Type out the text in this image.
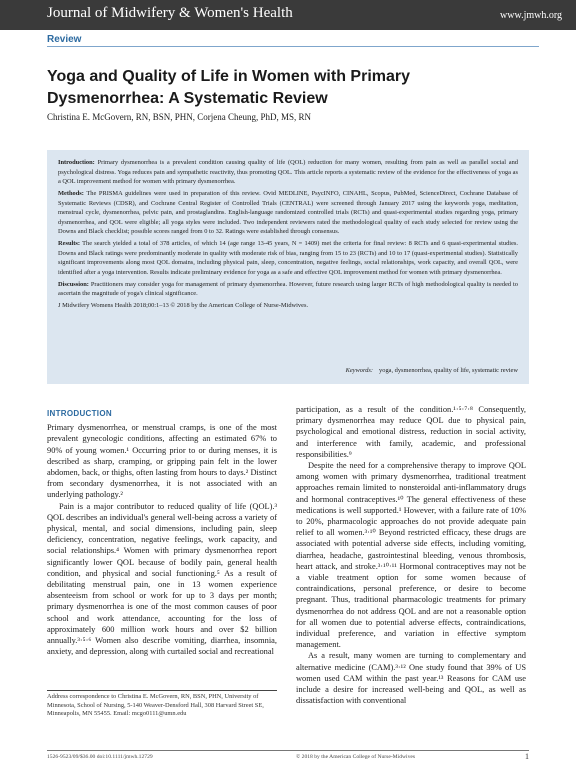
Journal of Midwifery & Women's Health	www.jmwh.org
Review
Yoga and Quality of Life in Women with Primary Dysmenorrhea: A Systematic Review
Christina E. McGovern, RN, BSN, PHN, Corjena Cheung, PhD, MS, RN

Introduction: Primary dysmenorrhea is a prevalent condition causing quality of life (QOL) reduction for many women, resulting from pain as well as parallel social and psychological distress. Yoga reduces pain and sympathetic reactivity, thus promoting QOL. This article reports a systematic review of the evidence for the effectiveness of yoga as a QOL improvement method for women with primary dysmenorrhea.

Methods: The PRISMA guidelines were used in preparation of this review. Ovid MEDLINE, PsycINFO, CINAHL, Scopus, PubMed, ScienceDirect, Cochrane Database of Systematic Reviews (CDSR), and Cochrane Central Register of Controlled Trials (CENTRAL) were screened through January 2017 using the keywords yoga, meditation, menstrual cycle, dysmenorrhea, pelvic pain, and prostaglandins. English-language randomized controlled trials (RCTs) and quasi-experimental studies regarding yoga, primary dysmenorrhea, and QOL were eligible; all yoga styles were included. Two independent reviewers rated the methodological quality of each study selected for review using the Downs and Black checklist; possible scores ranged from 0 to 32. Ratings were established through consensus.

Results: The search yielded a total of 378 articles, of which 14 (age range 13-45 years, N = 1409) met the criteria for final review: 8 RCTs and 6 quasi-experimental studies. Downs and Black ratings were predominantly moderate in quality with moderate risk of bias, ranging from 15 to 23 (RCTs) and 10 to 17 (quasi-experimental studies). Statistically significant improvements along most QOL domains, including physical pain, sleep, concentration, negative feelings, social relationships, work capacity, and overall QOL, were identified after a yoga intervention. Results indicate preliminary evidence for yoga as a safe and effective QOL improvement method for women with primary dysmenorrhea.

Discussion: Practitioners may consider yoga for management of primary dysmenorrhea. However, future research using larger RCTs of high methodological quality is needed to ascertain the magnitude of yoga's clinical significance.

J Midwifery Womens Health 2018;00:1–13 © 2018 by the American College of Nurse-Midwives.

Keywords: yoga, dysmenorrhea, quality of life, systematic review
INTRODUCTION

Primary dysmenorrhea, or menstrual cramps, is one of the most prevalent gynecologic conditions, affecting an estimated 67% to 90% of young women.¹ Occurring prior to or during menses, it is described as sharp, cramping, or gripping pain felt in the lower abdomen, back, or thighs, often lasting from hours to days.² Distinct from secondary dysmenorrhea, it is not associated with an underlying pathology.²

Pain is a major contributor to reduced quality of life (QOL).³ QOL describes an individual's general well-being across a variety of physical, mental, and social dimensions, including pain, sleep deficiency, concentration, negative feelings, work capacity, and social relationships.⁴ Women with primary dysmenorrhea report significantly lower QOL because of bodily pain, general health condition, and physical and social functioning.⁵ As a result of debilitating menstrual pain, one in 13 women experience absenteeism from school or work for up to 3 days per month; primary dysmenorrhea is one of the most common causes of poor school and work attendance, accounting for the loss of approximately 600 million work hours and over $2 billion annually.³·⁵·⁶ Women also describe vomiting, diarrhea, insomnia, anxiety, and depression, along with curtailed social and recreational

participation, as a result of the condition.¹·⁵·⁷·⁸ Consequently, primary dysmenorrhea may reduce QOL due to physical pain, psychological and emotional distress, reduction in social activity, and interference with family, academic, and professional responsibilities.⁹

Despite the need for a comprehensive therapy to improve QOL among women with primary dysmenorrhea, traditional treatment approaches remain limited to nonsteroidal anti-inflammatory drugs and hormonal contraceptives.¹⁰ The general effectiveness of these medications is well supported.¹ However, with a failure rate of 10% to 20%, pharmacologic approaches do not provide adequate pain relief to all women.³·¹⁰ Beyond restricted efficacy, these drugs are associated with potential adverse side effects, including vomiting, diarrhea, headache, gastrointestinal bleeding, venous thrombosis, heart attack, and stroke.³·¹⁰·¹¹ Hormonal contraceptives may not be a viable treatment option for some women because of contraindications, personal preference, or desire to become pregnant. Thus, traditional pharmacologic treatments for primary dysmenorrhea do not address QOL and are not a reasonable option for all women due to potential adverse effects, contraindications, individual preference, and variation in effective symptom management.

As a result, many women are turning to complementary and alternative medicine (CAM).³·¹² One study found that 39% of US women used CAM within the past year.¹³ Reasons for CAM use include a desire for increased well-being and QOL, as well as dissatisfaction with conventional

Address correspondence to Christina E. McGovern, RN, BSN, PHN, University of Minnesota, School of Nursing, 5-140 Weaver-Densford Hall, 308 Harvard Street SE, Minneapolis, MN 55455. Email: mcgo0111@umn.edu
1526-9523/09/$36.00 doi:10.1111/jmwh.12729	© 2018 by the American College of Nurse-Midwives	1
